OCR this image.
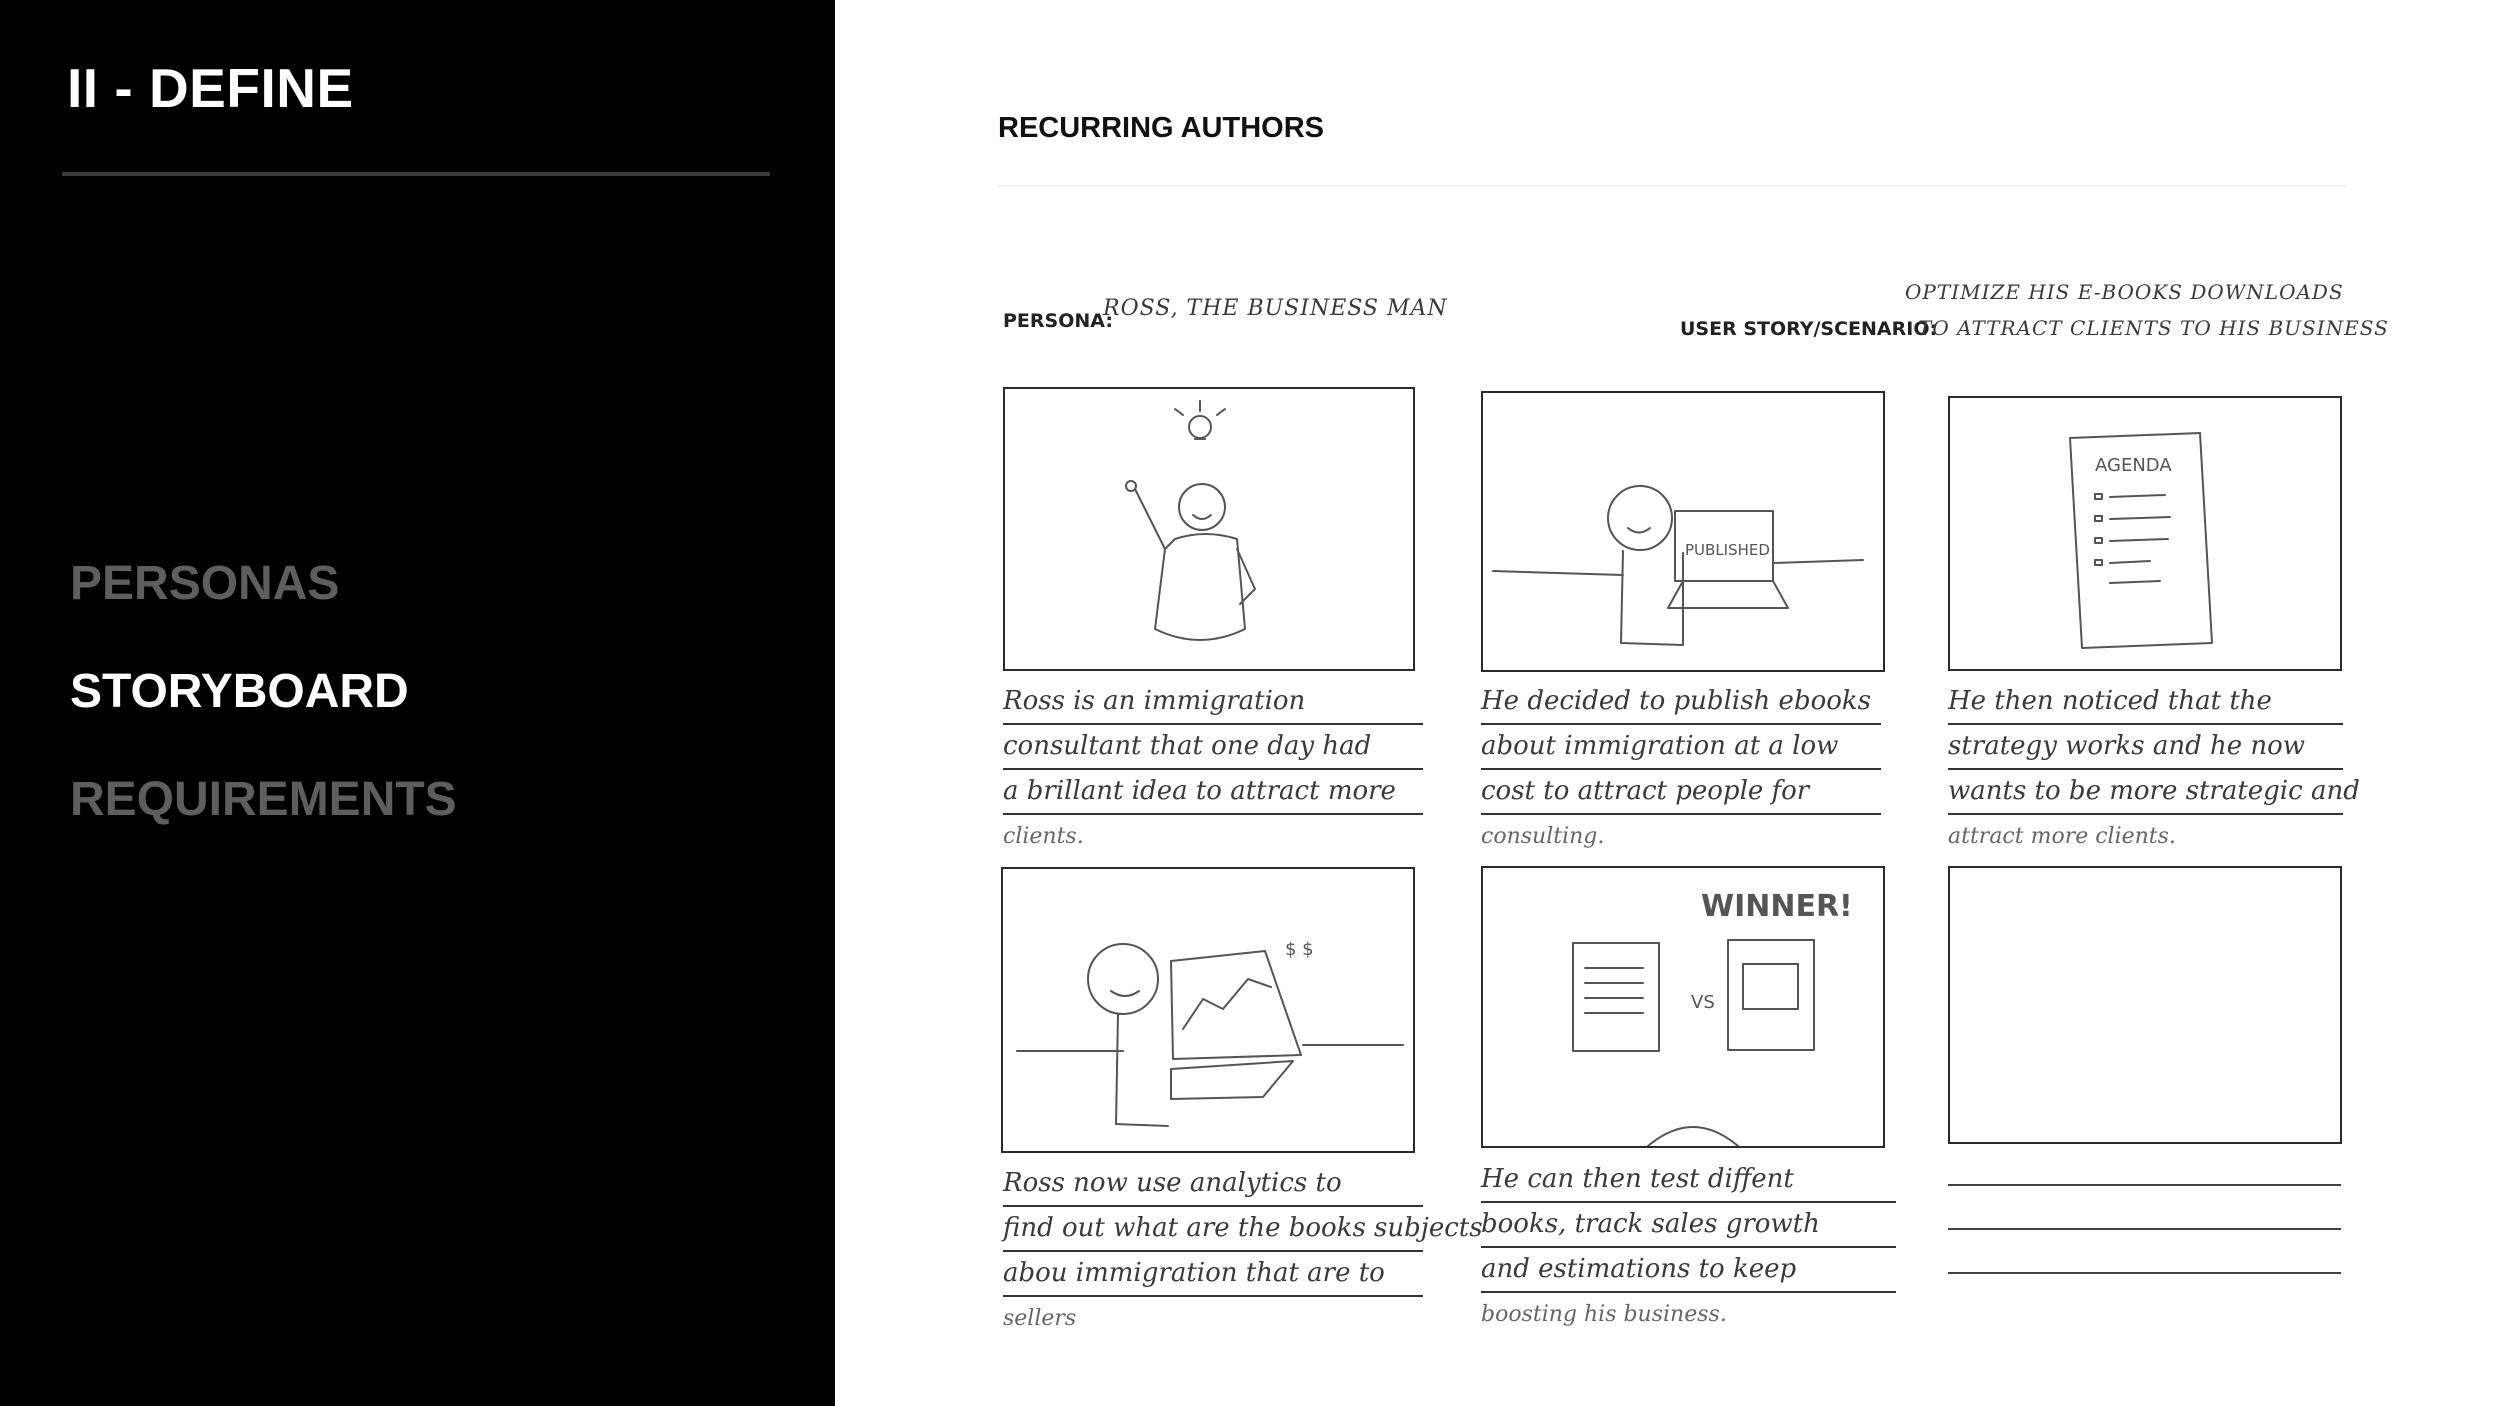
II - DEFINE
PERSONAS
STORYBOARD
REQUIREMENTS
RECURRING AUTHORS
PERSONA:
ROSS, THE BUSINESS MAN
USER STORY/SCENARIO:
OPTIMIZE HIS E-BOOKS DOWNLOADS
TO ATTRACT CLIENTS TO HIS BUSINESS
Ross is an immigration
consultant that one day had
a brillant idea to attract more
clients.
PUBLISHED
He decided to publish ebooks
about immigration at a low
cost to attract people for
consulting.
AGENDA
He then noticed that the
strategy works and he now
wants to be more strategic and
attract more clients.
$ $
Ross now use analytics to
find out what are the books subjects
abou immigration that are to
sellers
WINNER!
VS
He can then test diffent
books, track sales growth
and estimations to keep
boosting his business.
